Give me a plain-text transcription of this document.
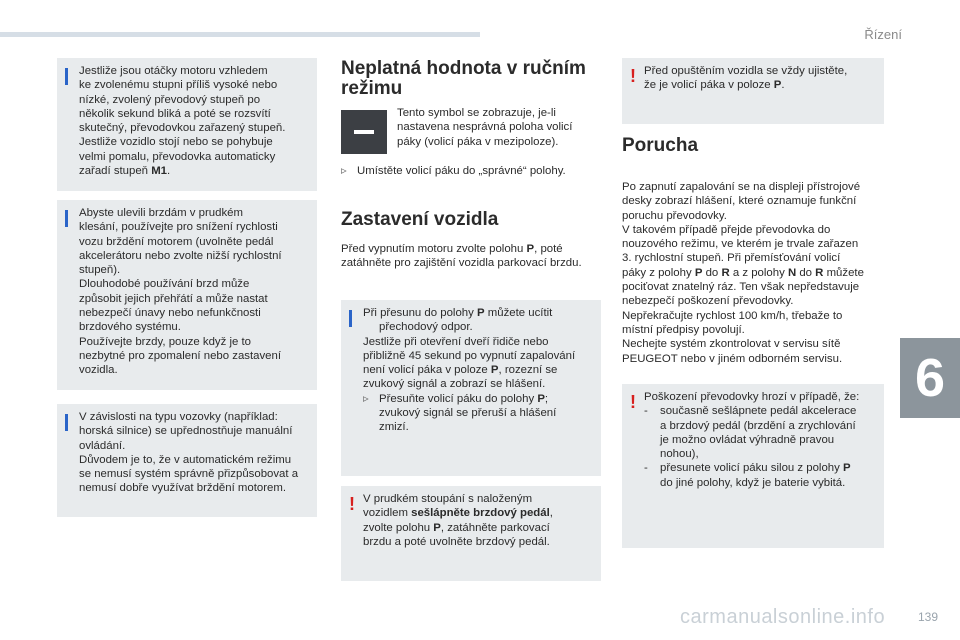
Řízení
6

Jestliže jsou otáčky motoru vzhledem

ke zvolenému stupni příliš vysoké nebo

nízké, zvolený převodový stupeň po

několik sekund bliká a poté se rozsvítí

skutečný, převodovkou zařazený stupeň.

Jestliže vozidlo stojí nebo se pohybuje

velmi pomalu, převodovka automaticky

zařadí stupeň M1.

Abyste ulevili brzdám v prudkém

klesání, používejte pro snížení rychlosti

vozu brždění motorem (uvolněte pedál

akcelerátoru nebo zvolte nižší rychlostní

stupeň).

Dlouhodobé používání brzd může

způsobit jejich přehřátí a může nastat

nebezpečí únavy nebo nefunkčnosti

brzdového systému.

Používejte brzdy, pouze když je to

nezbytné pro zpomalení nebo zastavení

vozidla.

V závislosti na typu vozovky (například:

horská silnice) se upřednostňuje manuální

ovládání.

Důvodem je to, že v automatickém režimu

se nemusí systém správně přizpůsobovat a

nemusí dobře využívat brždění motorem.

Neplatná hodnota v ručním
režimu

Tento symbol se zobrazuje, je-li

nastavena nesprávná poloha volicí

páky (volicí páka v mezipoloze).

▹ Umístěte volicí páku do „správné“ polohy.
Zastavení vozidla

Před vypnutím motoru zvolte polohu P, poté

zatáhněte pro zajištění vozidla parkovací brzdu.

Při přesunu do polohy P můžete ucítit

přechodový odpor.

Jestliže při otevření dveří řidiče nebo

přibližně 45 sekund po vypnutí zapalování

není volicí páka v poloze P, rozezní se

zvukový signál a zobrazí se hlášení.

▹ Přesuňte volicí páku do polohy P;

zvukový signál se přeruší a hlášení

zmizí.

! V prudkém stoupání s naloženým

vozidlem sešlápněte brzdový pedál,

zvolte polohu P, zatáhněte parkovací

brzdu a poté uvolněte brzdový pedál.

! Před opuštěním vozidla se vždy ujistěte,

že je volicí páka v poloze P.

Porucha

Po zapnutí zapalování se na displeji přístrojové

desky zobrazí hlášení, které oznamuje funkční

poruchu převodovky.

V takovém případě přejde převodovka do

nouzového režimu, ve kterém je trvale zařazen

3. rychlostní stupeň. Při přemísťování volicí

páky z polohy P do R a z polohy N do R můžete

pociťovat znatelný ráz. Ten však nepředstavuje

nebezpečí poškození převodovky.

Nepřekračujte rychlost 100 km/h, třebaže to

místní předpisy povolují.

Nechejte systém zkontrolovat v servisu sítě

PEUGEOT nebo v jiném odborném servisu.

! Poškození převodovky hrozí v případě, že:

- současně sešlápnete pedál akcelerace

a brzdový pedál (brzdění a zrychlování

je možno ovládat výhradně pravou

nohou),

- přesunete volicí páku silou z polohy P

do jiné polohy, když je baterie vybitá.

carmanualsonline.info	139
